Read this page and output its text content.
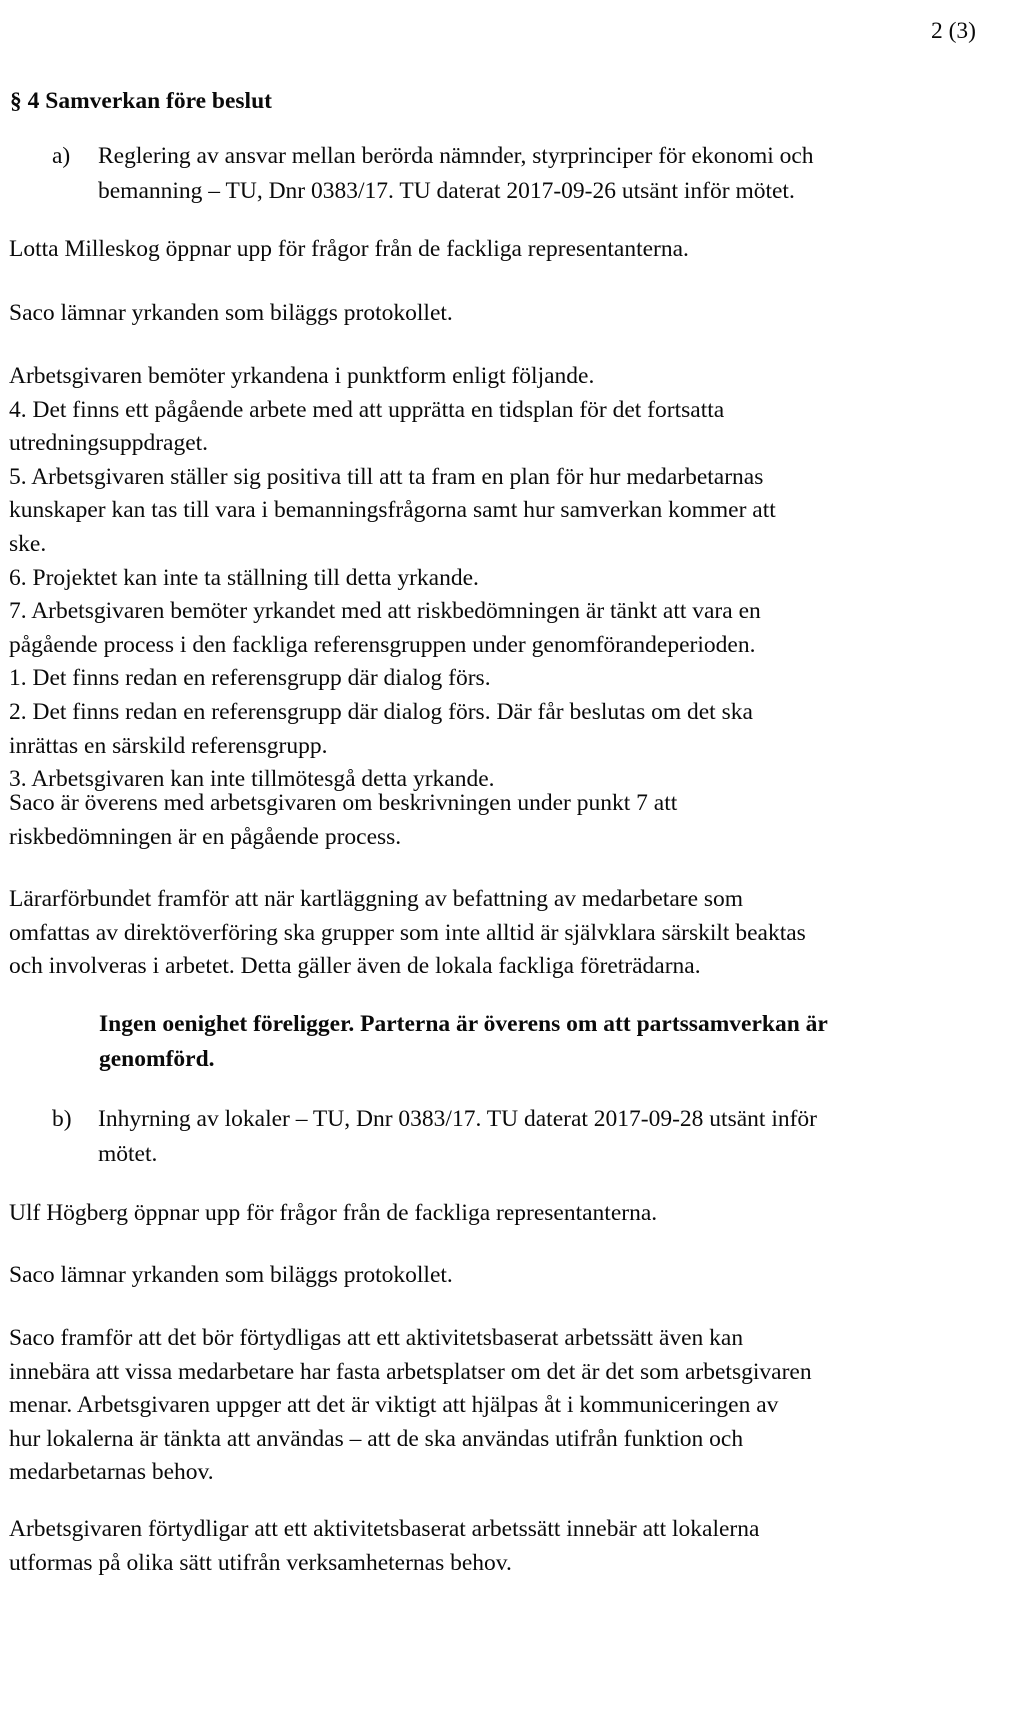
2 (3)
§ 4 Samverkan före beslut
a)	Reglering av ansvar mellan berörda nämnder, styrprinciper för ekonomi och
bemanning – TU, Dnr 0383/17. TU daterat 2017-09-26 utsänt inför mötet.
Lotta Milleskog öppnar upp för frågor från de fackliga representanterna.
Saco lämnar yrkanden som biläggs protokollet.
Arbetsgivaren bemöter yrkandena i punktform enligt följande.
4. Det finns ett pågående arbete med att upprätta en tidsplan för det fortsatta
utredningsuppdraget.
5. Arbetsgivaren ställer sig positiva till att ta fram en plan för hur medarbetarnas
kunskaper kan tas till vara i bemanningsfrågorna samt hur samverkan kommer att
ske.
6. Projektet kan inte ta ställning till detta yrkande.
7. Arbetsgivaren bemöter yrkandet med att riskbedömningen är tänkt att vara en
pågående process i den fackliga referensgruppen under genomförandeperioden.
1. Det finns redan en referensgrupp där dialog förs.
2. Det finns redan en referensgrupp där dialog förs. Där får beslutas om det ska
inrättas en särskild referensgrupp.
3. Arbetsgivaren kan inte tillmötesgå detta yrkande.
Saco är överens med arbetsgivaren om beskrivningen under punkt 7 att
riskbedömningen är en pågående process.
Lärarförbundet framför att när kartläggning av befattning av medarbetare som
omfattas av direktöverföring ska grupper som inte alltid är självklara särskilt beaktas
och involveras i arbetet. Detta gäller även de lokala fackliga företrädarna.
Ingen oenighet föreligger. Parterna är överens om att partssamverkan är
genomförd.
b)	Inhyrning av lokaler – TU, Dnr 0383/17. TU daterat 2017-09-28 utsänt inför
mötet.
Ulf Högberg öppnar upp för frågor från de fackliga representanterna.
Saco lämnar yrkanden som biläggs protokollet.
Saco framför att det bör förtydligas att ett aktivitetsbaserat arbetssätt även kan
innebära att vissa medarbetare har fasta arbetsplatser om det är det som arbetsgivaren
menar. Arbetsgivaren uppger att det är viktigt att hjälpas åt i kommuniceringen av
hur lokalerna är tänkta att användas – att de ska användas utifrån funktion och
medarbetarnas behov.
Arbetsgivaren förtydligar att ett aktivitetsbaserat arbetssätt innebär att lokalerna
utformas på olika sätt utifrån verksamheternas behov.
